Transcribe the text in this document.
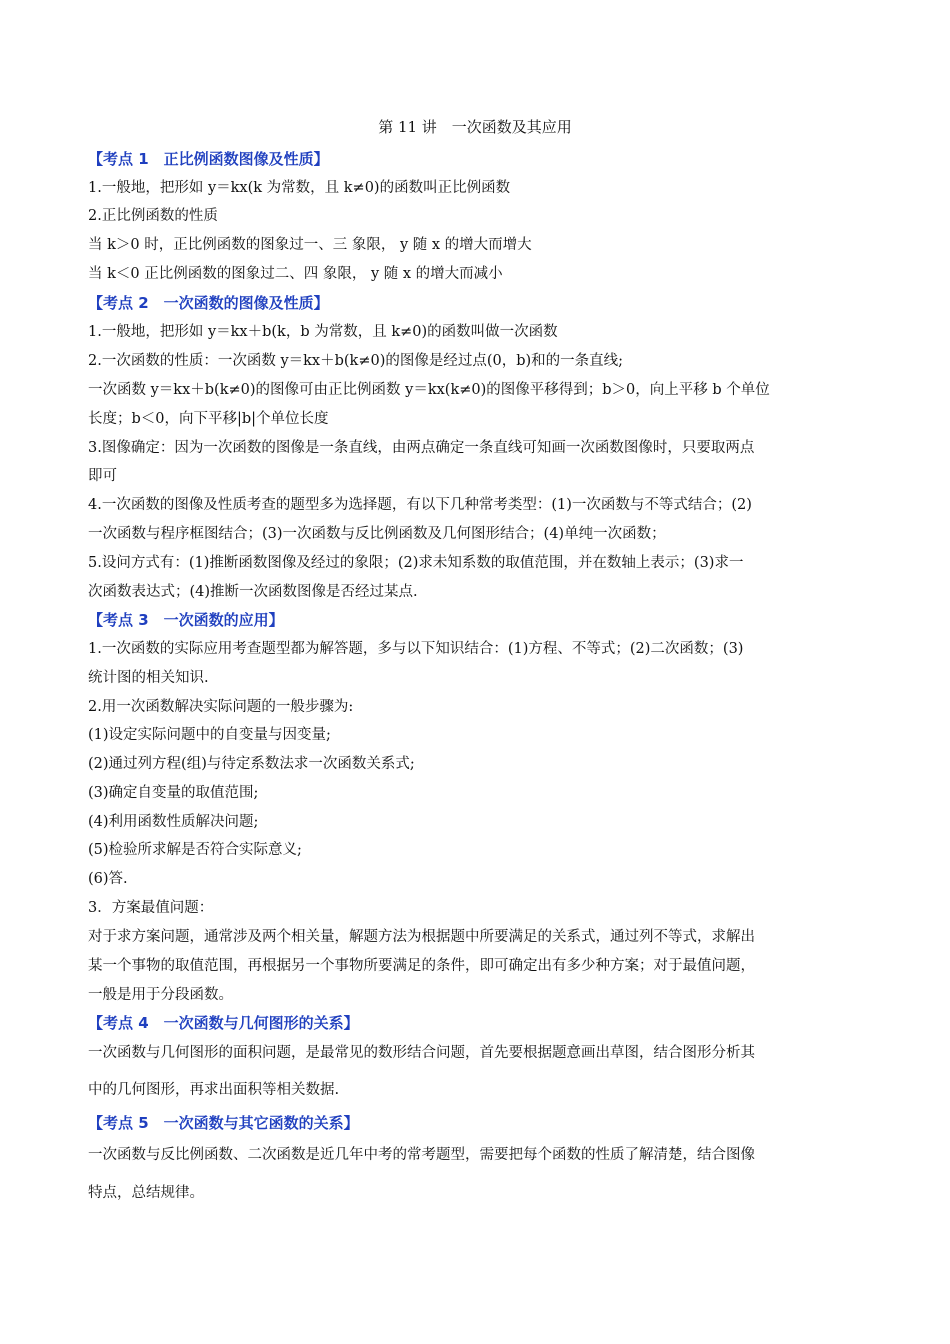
第 11 讲　一次函数及其应用
【考点 1　正比例函数图像及性质】
1.一般地，把形如 y＝kx(k 为常数，且 k≠0)的函数叫正比例函数
2.正比例函数的性质
当 k＞0 时，正比例函数的图象过一、三 象限， y 随 x 的增大而增大
当 k＜0 正比例函数的图象过二、四 象限， y 随 x 的增大而减小
【考点 2　一次函数的图像及性质】
1.一般地，把形如 y＝kx＋b(k，b 为常数，且 k≠0)的函数叫做一次函数
2.一次函数的性质：一次函数 y＝kx＋b(k≠0)的图像是经过点(0，b)和的一条直线;
一次函数 y＝kx＋b(k≠0)的图像可由正比例函数 y＝kx(k≠0)的图像平移得到；b＞0，向上平移 b 个单位
长度；b＜0，向下平移|b|个单位长度
3.图像确定：因为一次函数的图像是一条直线，由两点确定一条直线可知画一次函数图像时，只要取两点
即可
4.一次函数的图像及性质考查的题型多为选择题，有以下几种常考类型：(1)一次函数与不等式结合；(2)
一次函数与程序框图结合；(3)一次函数与反比例函数及几何图形结合；(4)单纯一次函数；
5.设问方式有：(1)推断函数图像及经过的象限；(2)求未知系数的取值范围，并在数轴上表示；(3)求一
次函数表达式；(4)推断一次函数图像是否经过某点.
【考点 3　一次函数的应用】
1.一次函数的实际应用考查题型都为解答题，多与以下知识结合：(1)方程、不等式；(2)二次函数；(3)
统计图的相关知识.
2.用一次函数解决实际问题的一般步骤为:
(1)设定实际问题中的自变量与因变量;
(2)通过列方程(组)与待定系数法求一次函数关系式;
(3)确定自变量的取值范围;
(4)利用函数性质解决问题;
(5)检验所求解是否符合实际意义;
(6)答.
3．方案最值问题：
对于求方案问题，通常涉及两个相关量，解题方法为根据题中所要满足的关系式，通过列不等式，求解出
某一个事物的取值范围，再根据另一个事物所要满足的条件，即可确定出有多少种方案；对于最值问题，
一般是用于分段函数。
【考点 4　一次函数与几何图形的关系】
一次函数与几何图形的面积问题，是最常见的数形结合问题，首先要根据题意画出草图，结合图形分析其
中的几何图形，再求出面积等相关数据.
【考点 5　一次函数与其它函数的关系】
一次函数与反比例函数、二次函数是近几年中考的常考题型，需要把每个函数的性质了解清楚，结合图像
特点，总结规律。
